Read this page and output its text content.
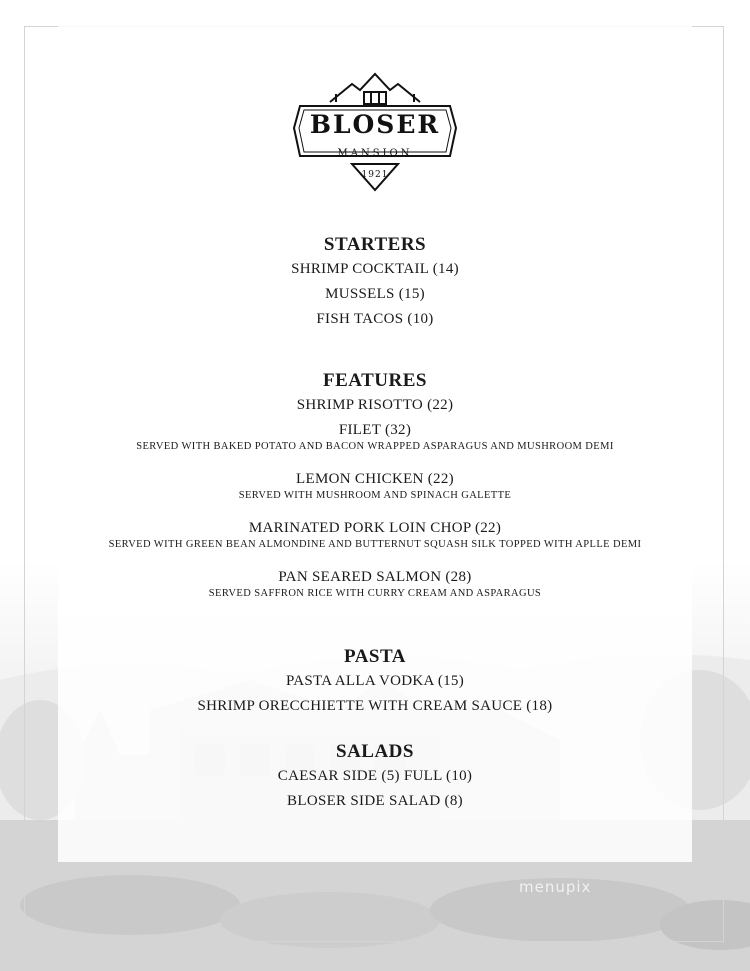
BLOSER
MANSION
1921
STARTERS
SHRIMP COCKTAIL (14)
MUSSELS (15)
FISH TACOS (10)
FEATURES
SHRIMP RISOTTO (22)
FILET (32)
SERVED WITH BAKED POTATO AND BACON WRAPPED ASPARAGUS AND MUSHROOM DEMI
LEMON CHICKEN (22)
SERVED WITH MUSHROOM AND SPINACH GALETTE
MARINATED PORK LOIN CHOP (22)
SERVED WITH GREEN BEAN ALMONDINE AND BUTTERNUT SQUASH SILK TOPPED WITH APLLE DEMI
PAN SEARED SALMON (28)
SERVED SAFFRON RICE WITH CURRY CREAM AND ASPARAGUS
PASTA
PASTA ALLA VODKA (15)
SHRIMP ORECCHIETTE WITH CREAM SAUCE (18)
SALADS
CAESAR SIDE (5) FULL (10)
BLOSER SIDE SALAD (8)
menupix
